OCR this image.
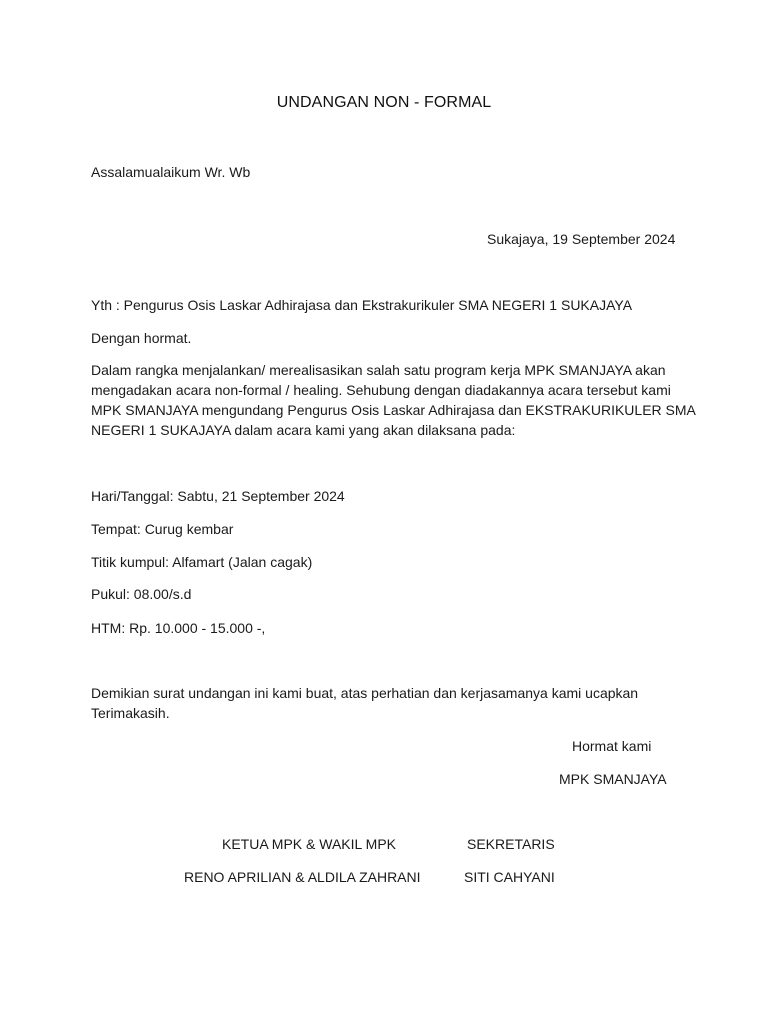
UNDANGAN NON - FORMAL
Assalamualaikum Wr. Wb
Sukajaya, 19 September 2024
Yth : Pengurus Osis Laskar Adhirajasa dan Ekstrakurikuler SMA NEGERI 1 SUKAJAYA
Dengan hormat.
Dalam rangka menjalankan/ merealisasikan salah satu program kerja MPK SMANJAYA akan
mengadakan acara non-formal / healing. Sehubung dengan diadakannya acara tersebut kami
MPK SMANJAYA mengundang Pengurus Osis Laskar Adhirajasa dan EKSTRAKURIKULER SMA
NEGERI 1 SUKAJAYA dalam acara kami yang akan dilaksana pada:
Hari/Tanggal: Sabtu, 21 September 2024
Tempat: Curug kembar
Titik kumpul: Alfamart (Jalan cagak)
Pukul: 08.00/s.d
HTM: Rp. 10.000 - 15.000 -,
Demikian surat undangan ini kami buat, atas perhatian dan kerjasamanya kami ucapkan
Terimakasih.
Hormat kami
MPK SMANJAYA
KETUA MPK & WAKIL MPK
RENO APRILIAN & ALDILA ZAHRANI
SEKRETARIS
SITI CAHYANI
